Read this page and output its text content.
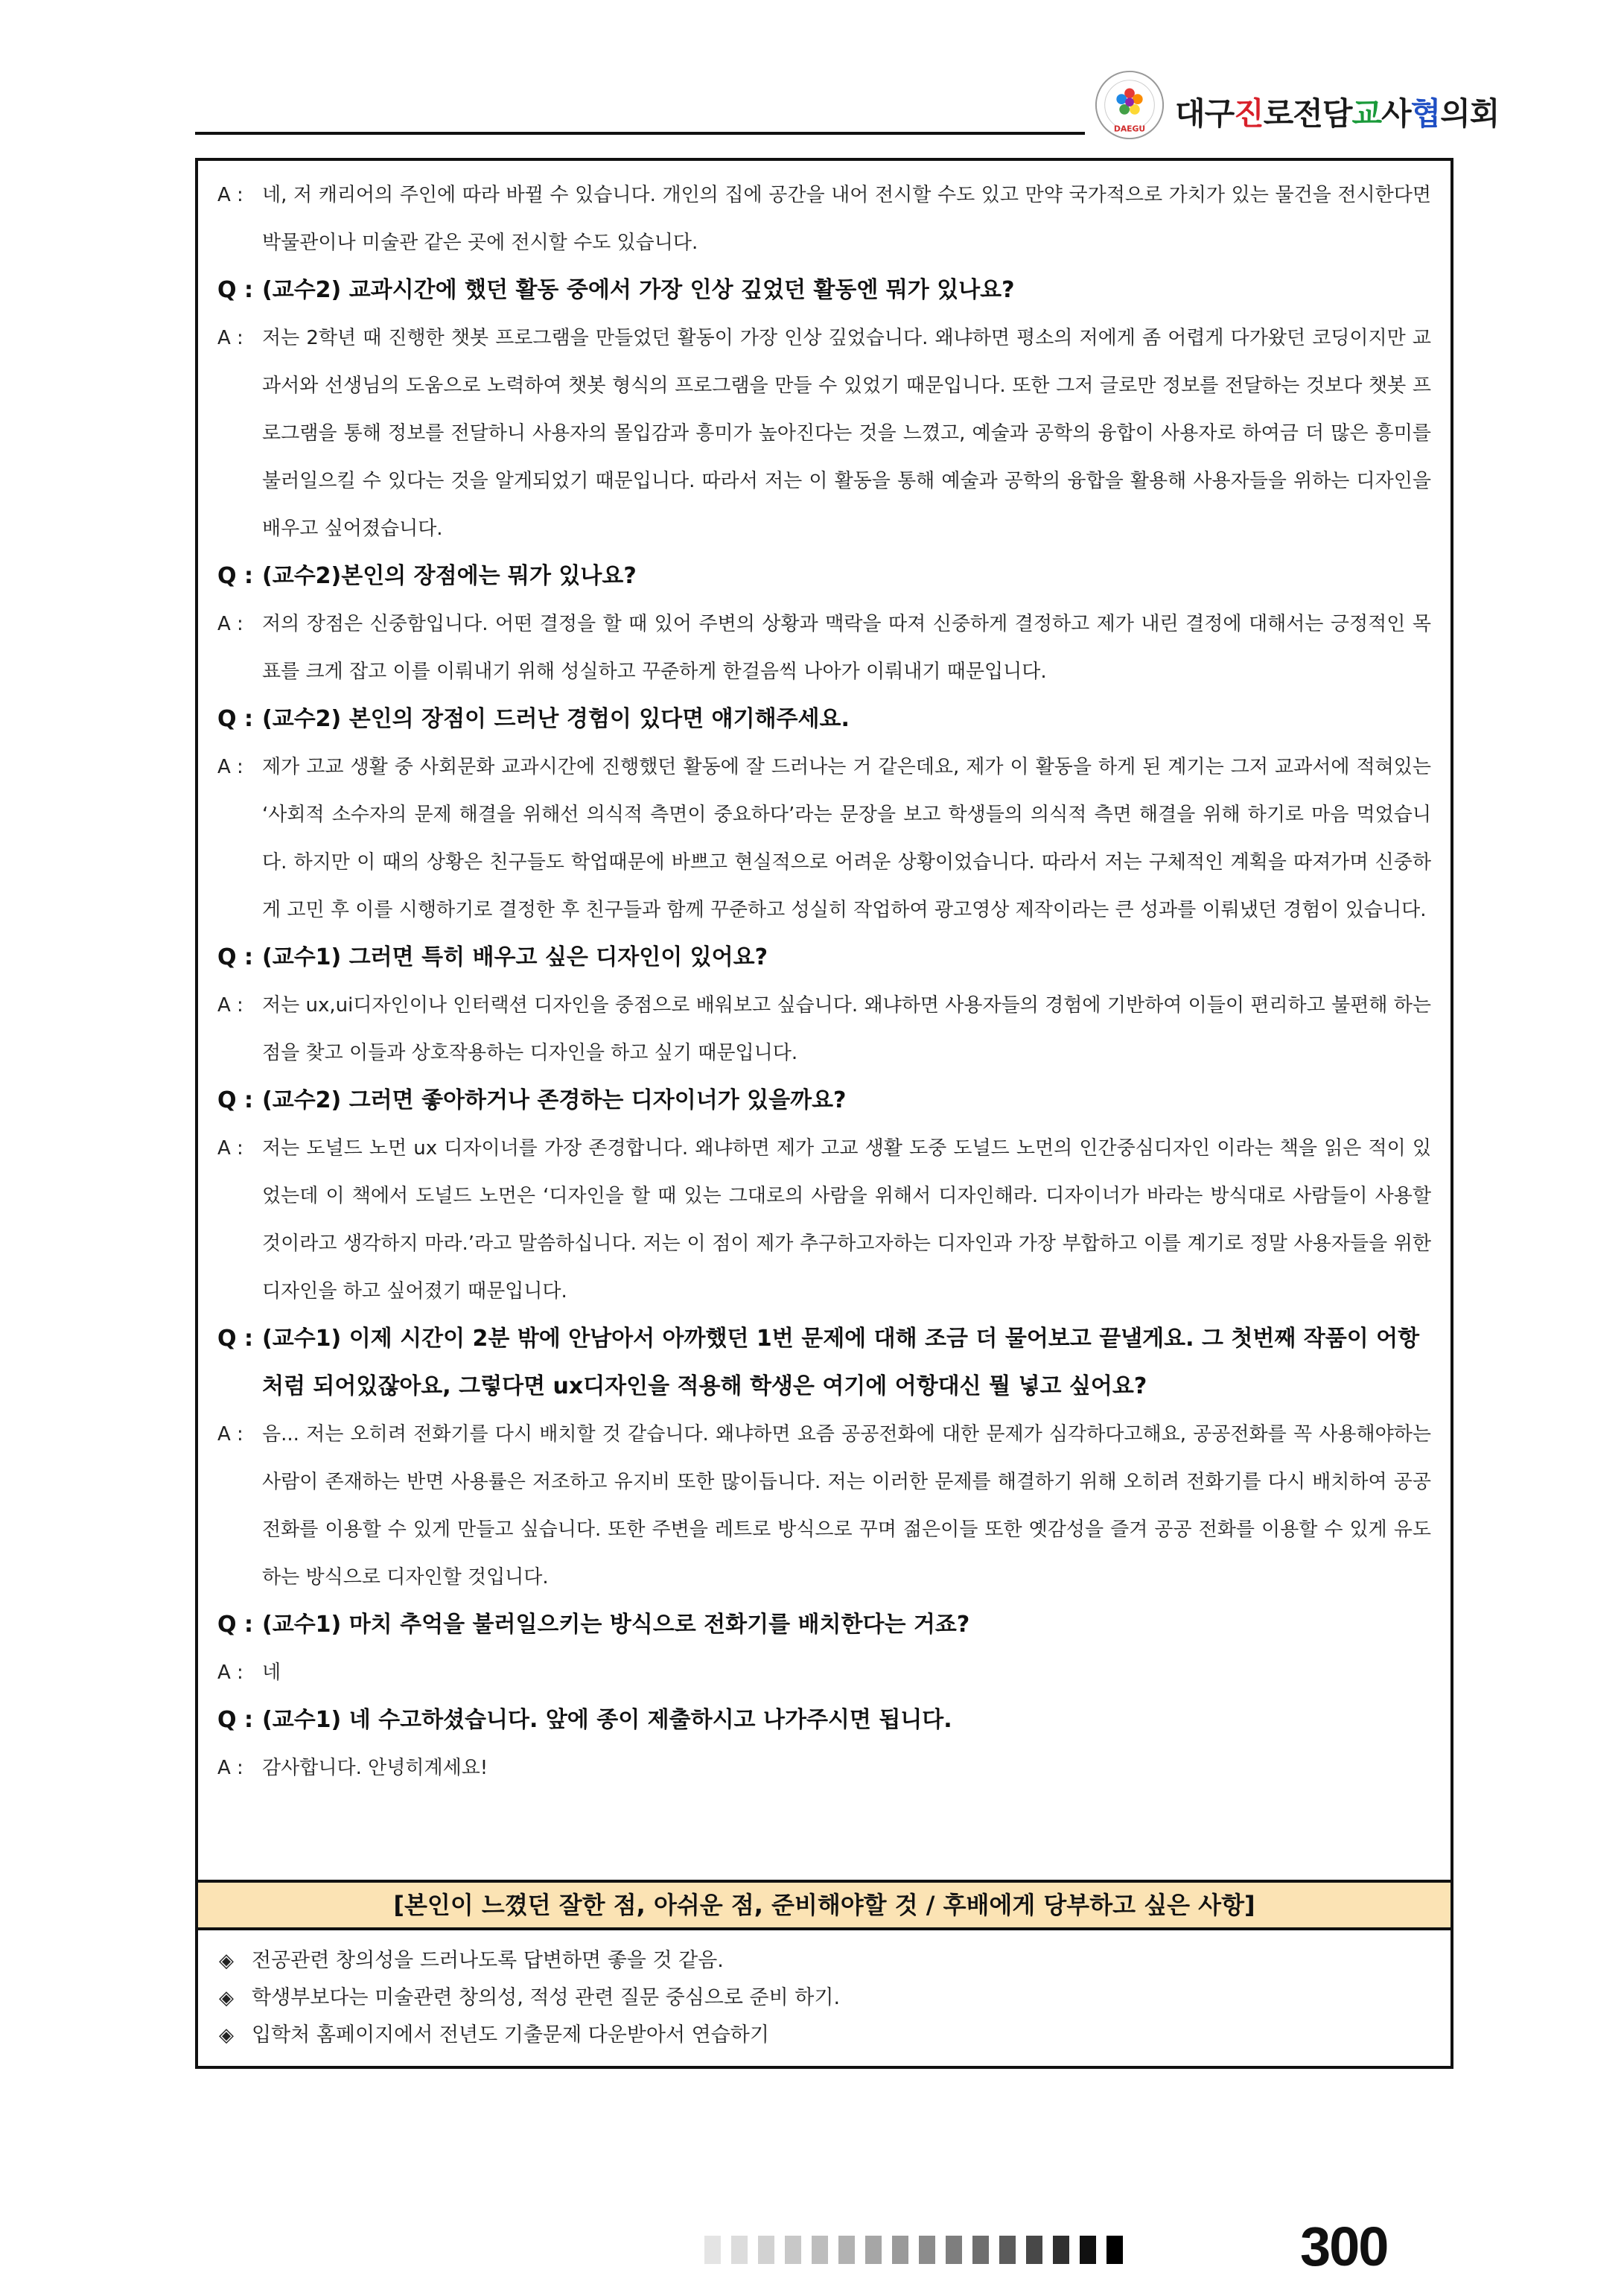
DAEGU 대구진로전담교사협의회
A : 네, 저 캐리어의 주인에 따라 바뀔 수 있습니다. 개인의 집에 공간을 내어 전시할 수도 있고 만약 국가적으로 가치가 있는 물건을 전시한다면 박물관이나 미술관 같은 곳에 전시할 수도 있습니다.
Q : (교수2) 교과시간에 했던 활동 중에서 가장 인상 깊었던 활동엔 뭐가 있나요?
A : 저는 2학년 때 진행한 챗봇 프로그램을 만들었던 활동이 가장 인상 깊었습니다. 왜냐하면 평소의 저에게 좀 어렵게 다가왔던 코딩이지만 교과서와 선생님의 도움으로 노력하여 챗봇 형식의 프로그램을 만들 수 있었기 때문입니다. 또한 그저 글로만 정보를 전달하는 것보다 챗봇 프로그램을 통해 정보를 전달하니 사용자의 몰입감과 흥미가 높아진다는 것을 느꼈고, 예술과 공학의 융합이 사용자로 하여금 더 많은 흥미를 불러일으킬 수 있다는 것을 알게되었기 때문입니다. 따라서 저는 이 활동을 통해 예술과 공학의 융합을 활용해 사용자들을 위하는 디자인을 배우고 싶어졌습니다.
Q : (교수2)본인의 장점에는 뭐가 있나요?
A : 저의 장점은 신중함입니다. 어떤 결정을 할 때 있어 주변의 상황과 맥락을 따져 신중하게 결정하고 제가 내린 결정에 대해서는 긍정적인 목표를 크게 잡고 이를 이뤄내기 위해 성실하고 꾸준하게 한걸음씩 나아가 이뤄내기 때문입니다.
Q : (교수2) 본인의 장점이 드러난 경험이 있다면 얘기해주세요.
A : 제가 고교 생활 중 사회문화 교과시간에 진행했던 활동에 잘 드러나는 거 같은데요, 제가 이 활동을 하게 된 계기는 그저 교과서에 적혀있는 ‘사회적 소수자의 문제 해결을 위해선 의식적 측면이 중요하다’라는 문장을 보고 학생들의 의식적 측면 해결을 위해 하기로 마음 먹었습니다. 하지만 이 때의 상황은 친구들도 학업때문에 바쁘고 현실적으로 어려운 상황이었습니다. 따라서 저는 구체적인 계획을 따져가며 신중하게 고민 후 이를 시행하기로 결정한 후 친구들과 함께 꾸준하고 성실히 작업하여 광고영상 제작이라는 큰 성과를 이뤄냈던 경험이 있습니다.
Q : (교수1) 그러면 특히 배우고 싶은 디자인이 있어요?
A : 저는 ux,ui디자인이나 인터랙션 디자인을 중점으로 배워보고 싶습니다. 왜냐하면 사용자들의 경험에 기반하여 이들이 편리하고 불편해 하는 점을 찾고 이들과 상호작용하는 디자인을 하고 싶기 때문입니다.
Q : (교수2) 그러면 좋아하거나 존경하는 디자이너가 있을까요?
A : 저는 도널드 노먼 ux 디자이너를 가장 존경합니다. 왜냐하면 제가 고교 생활 도중 도널드 노먼의 인간중심디자인 이라는 책을 읽은 적이 있었는데 이 책에서 도널드 노먼은 ‘디자인을 할 때 있는 그대로의 사람을 위해서 디자인해라. 디자이너가 바라는 방식대로 사람들이 사용할 것이라고 생각하지 마라.’라고 말씀하십니다. 저는 이 점이 제가 추구하고자하는 디자인과 가장 부합하고 이를 계기로 정말 사용자들을 위한 디자인을 하고 싶어졌기 때문입니다.
Q : (교수1) 이제 시간이 2분 밖에 안남아서 아까했던 1번 문제에 대해 조금 더 물어보고 끝낼게요. 그 첫번째 작품이 어항처럼 되어있잖아요, 그렇다면 ux디자인을 적용해 학생은 여기에 어항대신 뭘 넣고 싶어요?
A : 음... 저는 오히려 전화기를 다시 배치할 것 같습니다. 왜냐하면 요즘 공공전화에 대한 문제가 심각하다고해요, 공공전화를 꼭 사용해야하는 사람이 존재하는 반면 사용률은 저조하고 유지비 또한 많이듭니다. 저는 이러한 문제를 해결하기 위해 오히려 전화기를 다시 배치하여 공공전화를 이용할 수 있게 만들고 싶습니다. 또한 주변을 레트로 방식으로 꾸며 젊은이들 또한 옛감성을 즐겨 공공 전화를 이용할 수 있게 유도하는 방식으로 디자인할 것입니다.
Q : (교수1) 마치 추억을 불러일으키는 방식으로 전화기를 배치한다는 거죠?
A : 네
Q : (교수1) 네 수고하셨습니다. 앞에 종이 제출하시고 나가주시면 됩니다.
A : 감사합니다. 안녕히계세요!
[본인이 느꼈던 잘한 점, 아쉬운 점, 준비해야할 것 / 후배에게 당부하고 싶은 사항]
◈ 전공관련 창의성을 드러나도록 답변하면 좋을 것 같음.
◈ 학생부보다는 미술관련 창의성, 적성 관련 질문 중심으로 준비 하기.
◈ 입학처 홈페이지에서 전년도 기출문제 다운받아서 연습하기
300
